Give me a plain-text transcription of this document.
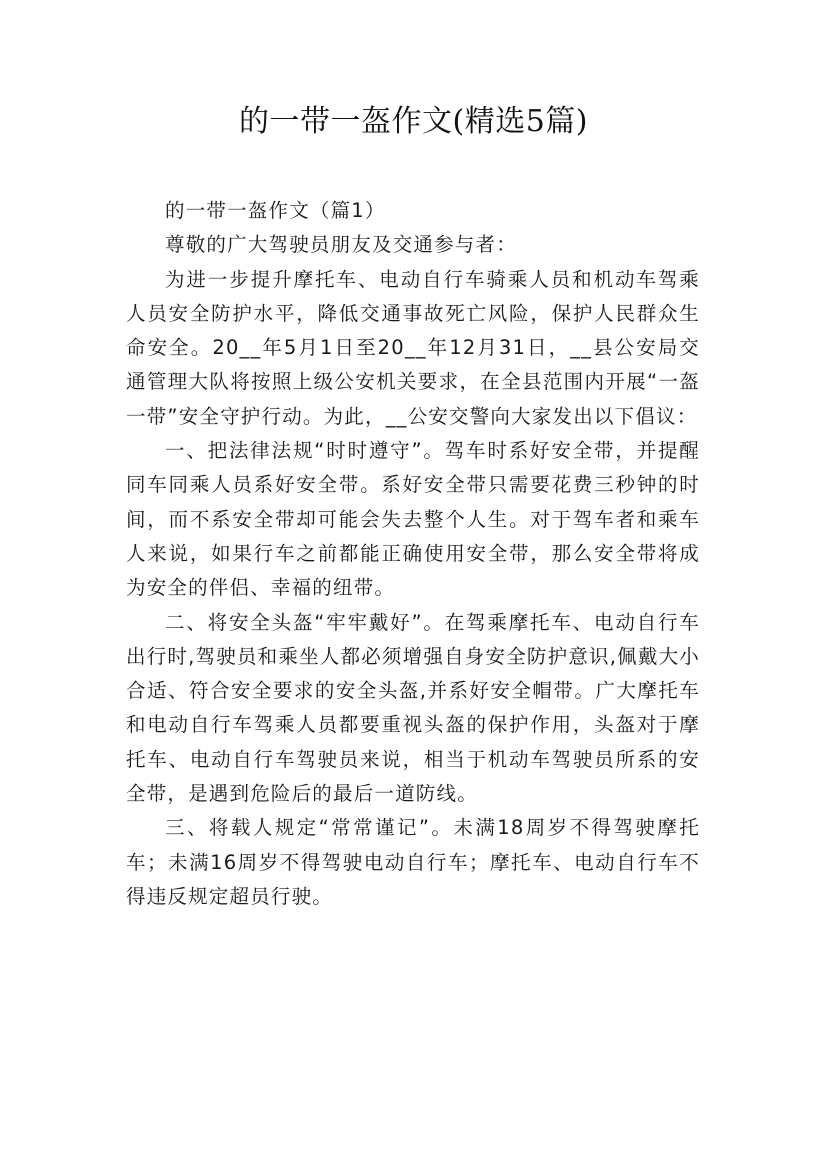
的一带一盔作文(精选5篇)

的一带一盔作文（篇1）

尊敬的广大驾驶员朋友及交通参与者：

为进一步提升摩托车、电动自行车骑乘人员和机动车驾乘人员安全防护水平，降低交通事故死亡风险，保护人民群众生命安全。20__年5月1日至20__年12月31日，__县公安局交通管理大队将按照上级公安机关要求，在全县范围内开展“一盔一带”安全守护行动。为此，__公安交警向大家发出以下倡议：

一、把法律法规“时时遵守”。驾车时系好安全带，并提醒同车同乘人员系好安全带。系好安全带只需要花费三秒钟的时间，而不系安全带却可能会失去整个人生。对于驾车者和乘车人来说，如果行车之前都能正确使用安全带，那么安全带将成为安全的伴侣、幸福的纽带。

二、将安全头盔“牢牢戴好”。在驾乘摩托车、电动自行车出行时,驾驶员和乘坐人都必须增强自身安全防护意识,佩戴大小合适、符合安全要求的安全头盔,并系好安全帽带。广大摩托车和电动自行车驾乘人员都要重视头盔的保护作用，头盔对于摩托车、电动自行车驾驶员来说，相当于机动车驾驶员所系的安全带，是遇到危险后的最后一道防线。

三、将载人规定“常常谨记”。未满18周岁不得驾驶摩托车；未满16周岁不得驾驶电动自行车；摩托车、电动自行车不得违反规定超员行驶。
